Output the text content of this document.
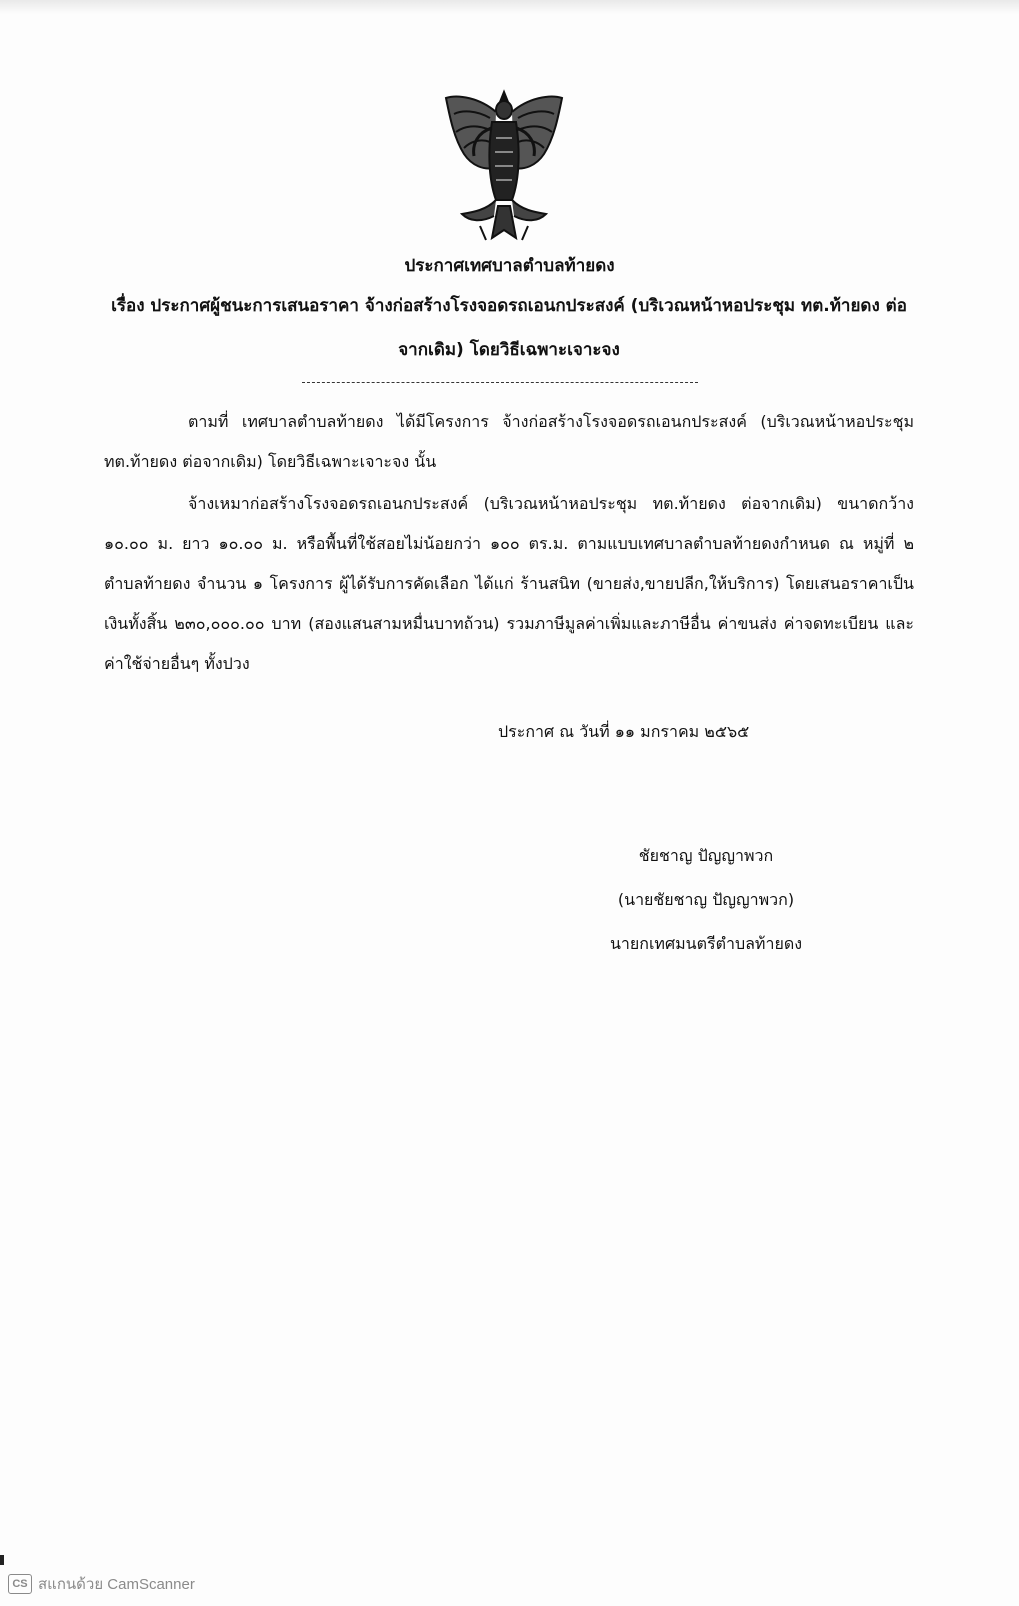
ประกาศเทศบาลตำบลท้ายดง
เรื่อง ประกาศผู้ชนะการเสนอราคา จ้างก่อสร้างโรงจอดรถเอนกประสงค์ (บริเวณหน้าหอประชุม ทต.ท้ายดง ต่อ
จากเดิม) โดยวิธีเฉพาะเจาะจง
ตามที่ เทศบาลตำบลท้ายดง ได้มีโครงการ จ้างก่อสร้างโรงจอดรถเอนกประสงค์ (บริเวณหน้าหอประชุม ทต.ท้ายดง ต่อจากเดิม) โดยวิธีเฉพาะเจาะจง นั้น
จ้างเหมาก่อสร้างโรงจอดรถเอนกประสงค์ (บริเวณหน้าหอประชุม ทต.ท้ายดง ต่อจากเดิม) ขนาดกว้าง ๑๐.๐๐ ม. ยาว ๑๐.๐๐ ม. หรือพื้นที่ใช้สอยไม่น้อยกว่า ๑๐๐ ตร.ม. ตามแบบเทศบาลตำบลท้ายดงกำหนด ณ หมู่ที่ ๒ ตำบลท้ายดง จำนวน ๑ โครงการ ผู้ได้รับการคัดเลือก ได้แก่ ร้านสนิท (ขายส่ง,ขายปลีก,ให้บริการ) โดยเสนอราคาเป็นเงินทั้งสิ้น ๒๓๐,๐๐๐.๐๐ บาท (สองแสนสามหมื่นบาทถ้วน) รวมภาษีมูลค่าเพิ่มและภาษีอื่น ค่าขนส่ง ค่าจดทะเบียน และค่าใช้จ่ายอื่นๆ ทั้งปวง
ประกาศ ณ วันที่ ๑๑ มกราคม ๒๕๖๕
ชัยชาญ ปัญญาพวก
(นายชัยชาญ ปัญญาพวก)
นายกเทศมนตรีตำบลท้ายดง
CS สแกนด้วย CamScanner
